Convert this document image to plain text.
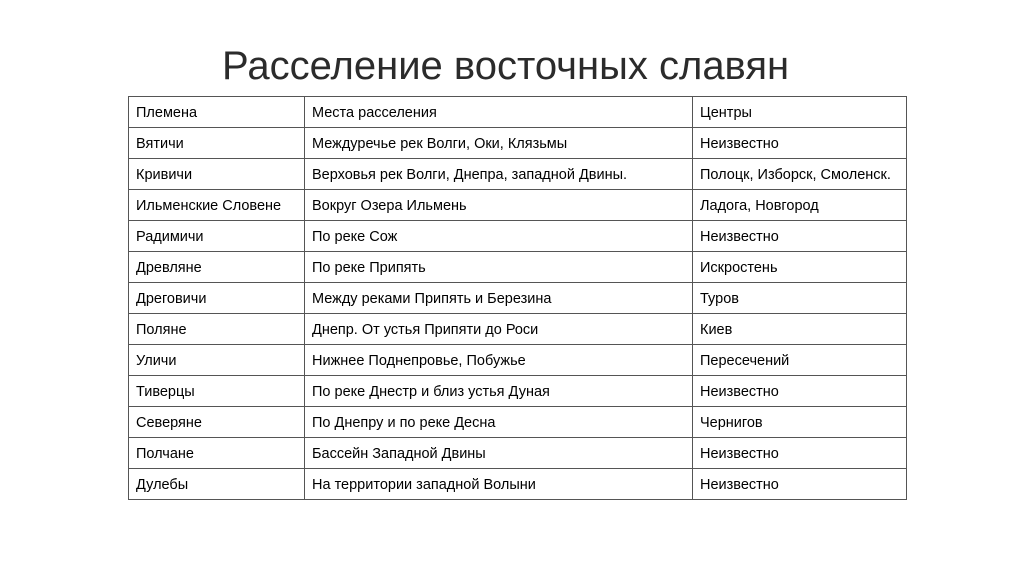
Расселение восточных славян
Племена	Места расселения	Центры
Вятичи	Междуречье рек Волги, Оки, Клязьмы	Неизвестно
Кривичи	Верховья рек Волги, Днепра, западной Двины.	Полоцк, Изборск, Смоленск.
Ильменские Словене	Вокруг Озера Ильмень	Ладога, Новгород
Радимичи	По реке Сож	Неизвестно
Древляне	По реке Припять	Искростень
Дреговичи	Между реками Припять и Березина	Туров
Поляне	Днепр. От устья Припяти до Роси	Киев
Уличи	Нижнее Поднепровье, Побужье	Пересечений
Тиверцы	По реке Днестр и близ устья Дуная	Неизвестно
Северяне	По Днепру и по реке Десна	Чернигов
Полчане	Бассейн Западной Двины	Неизвестно
Дулебы	На территории западной Волыни	Неизвестно
